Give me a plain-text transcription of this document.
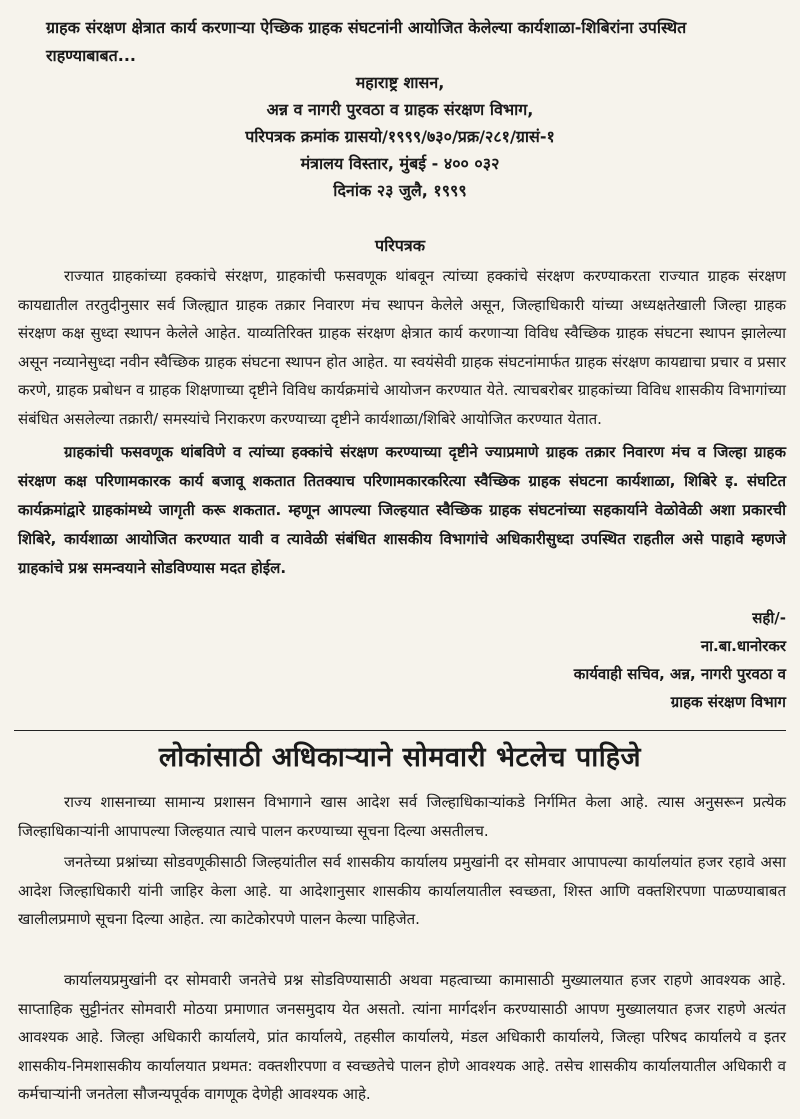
ग्राहक संरक्षण क्षेत्रात कार्य करणाऱ्या ऐच्छिक ग्राहक संघटनांनी आयोजित केलेल्या कार्यशाळा-शिबिरांना उपस्थित राहण्याबाबत...
महाराष्ट्र शासन,
अन्न व नागरी पुरवठा व ग्राहक संरक्षण विभाग,
परिपत्रक क्रमांक ग्रासयो/१९९९/७३०/प्रक्र/२८१/ग्रासं-१
मंत्रालय विस्तार, मुंबई - ४०० ०३२
दिनांक २३ जुलै, १९९९
परिपत्रक
राज्यात ग्राहकांच्या हक्कांचे संरक्षण, ग्राहकांची फसवणूक थांबवून त्यांच्या हक्कांचे संरक्षण करण्याकरता राज्यात ग्राहक संरक्षण कायद्यातील तरतुदीनुसार सर्व जिल्ह्यात ग्राहक तक्रार निवारण मंच स्थापन केलेले असून, जिल्हाधिकारी यांच्या अध्यक्षतेखाली जिल्हा ग्राहक संरक्षण कक्ष सुध्दा स्थापन केलेले आहेत. याव्यतिरिक्त ग्राहक संरक्षण क्षेत्रात कार्य करणाऱ्या विविध स्वैच्छिक ग्राहक संघटना स्थापन झालेल्या असून नव्यानेसुध्दा नवीन स्वैच्छिक ग्राहक संघटना स्थापन होत आहेत. या स्वयंसेवी ग्राहक संघटनांमार्फत ग्राहक संरक्षण कायद्याचा प्रचार व प्रसार करणे, ग्राहक प्रबोधन व ग्राहक शिक्षणाच्या दृष्टीने विविध कार्यक्रमांचे आयोजन करण्यात येते. त्याचबरोबर ग्राहकांच्या विविध शासकीय विभागांच्या संबंधित असलेल्या तक्रारी/ समस्यांचे निराकरण करण्याच्या दृष्टीने कार्यशाळा/शिबिरे आयोजित करण्यात येतात.
ग्राहकांची फसवणूक थांबविणे व त्यांच्या हक्कांचे संरक्षण करण्याच्या दृष्टीने ज्याप्रमाणे ग्राहक तक्रार निवारण मंच व जिल्हा ग्राहक संरक्षण कक्ष परिणामकारक कार्य बजावू शकतात तितक्याच परिणामकारकरित्या स्वैच्छिक ग्राहक संघटना कार्यशाळा, शिबिरे इ. संघटित कार्यक्रमांद्वारे ग्राहकांमध्ये जागृती करू शकतात. म्हणून आपल्या जिल्हयात स्वैच्छिक ग्राहक संघटनांच्या सहकार्याने वेळोवेळी अशा प्रकारची शिबिरे, कार्यशाळा आयोजित करण्यात यावी व त्यावेळी संबंधित शासकीय विभागांचे अधिकारीसुध्दा उपस्थित राहतील असे पाहावे म्हणजे ग्राहकांचे प्रश्न समन्वयाने सोडविण्यास मदत होईल.
सही/-
ना.बा.धानोरकर
कार्यवाही सचिव, अन्न, नागरी पुरवठा व
ग्राहक संरक्षण विभाग
लोकांसाठी अधिकाऱ्याने सोमवारी भेटलेच पाहिजे
राज्य शासनाच्या सामान्य प्रशासन विभागाने खास आदेश सर्व जिल्हाधिकाऱ्यांकडे निर्गमित केला आहे. त्यास अनुसरून प्रत्येक जिल्हाधिकाऱ्यांनी आपापल्या जिल्हयात त्याचे पालन करण्याच्या सूचना दिल्या असतीलच.
जनतेच्या प्रश्नांच्या सोडवणूकीसाठी जिल्हयांतील सर्व शासकीय कार्यालय प्रमुखांनी दर सोमवार आपापल्या कार्यालयांत हजर रहावे असा आदेश जिल्हाधिकारी यांनी जाहिर केला आहे. या आदेशानुसार शासकीय कार्यालयातील स्वच्छता, शिस्त आणि वक्तशिरपणा पाळण्याबाबत खालीलप्रमाणे सूचना दिल्या आहेत. त्या काटेकोरपणे पालन केल्या पाहिजेत.
कार्यालयप्रमुखांनी दर सोमवारी जनतेचे प्रश्न सोडविण्यासाठी अथवा महत्वाच्या कामासाठी मुख्यालयात हजर राहणे आवश्यक आहे. साप्ताहिक सुट्टीनंतर सोमवारी मोठया प्रमाणात जनसमुदाय येत असतो. त्यांना मार्गदर्शन करण्यासाठी आपण मुख्यालयात हजर राहणे अत्यंत आवश्यक आहे. जिल्हा अधिकारी कार्यालये, प्रांत कार्यालये, तहसील कार्यालये, मंडल अधिकारी कार्यालये, जिल्हा परिषद कार्यालये व इतर शासकीय-निमशासकीय कार्यालयात प्रथमत: वक्तशीरपणा व स्वच्छतेचे पालन होणे आवश्यक आहे. तसेच शासकीय कार्यालयातील अधिकारी व कर्मचाऱ्यांनी जनतेला सौजन्यपूर्वक वागणूक देणेही आवश्यक आहे.
